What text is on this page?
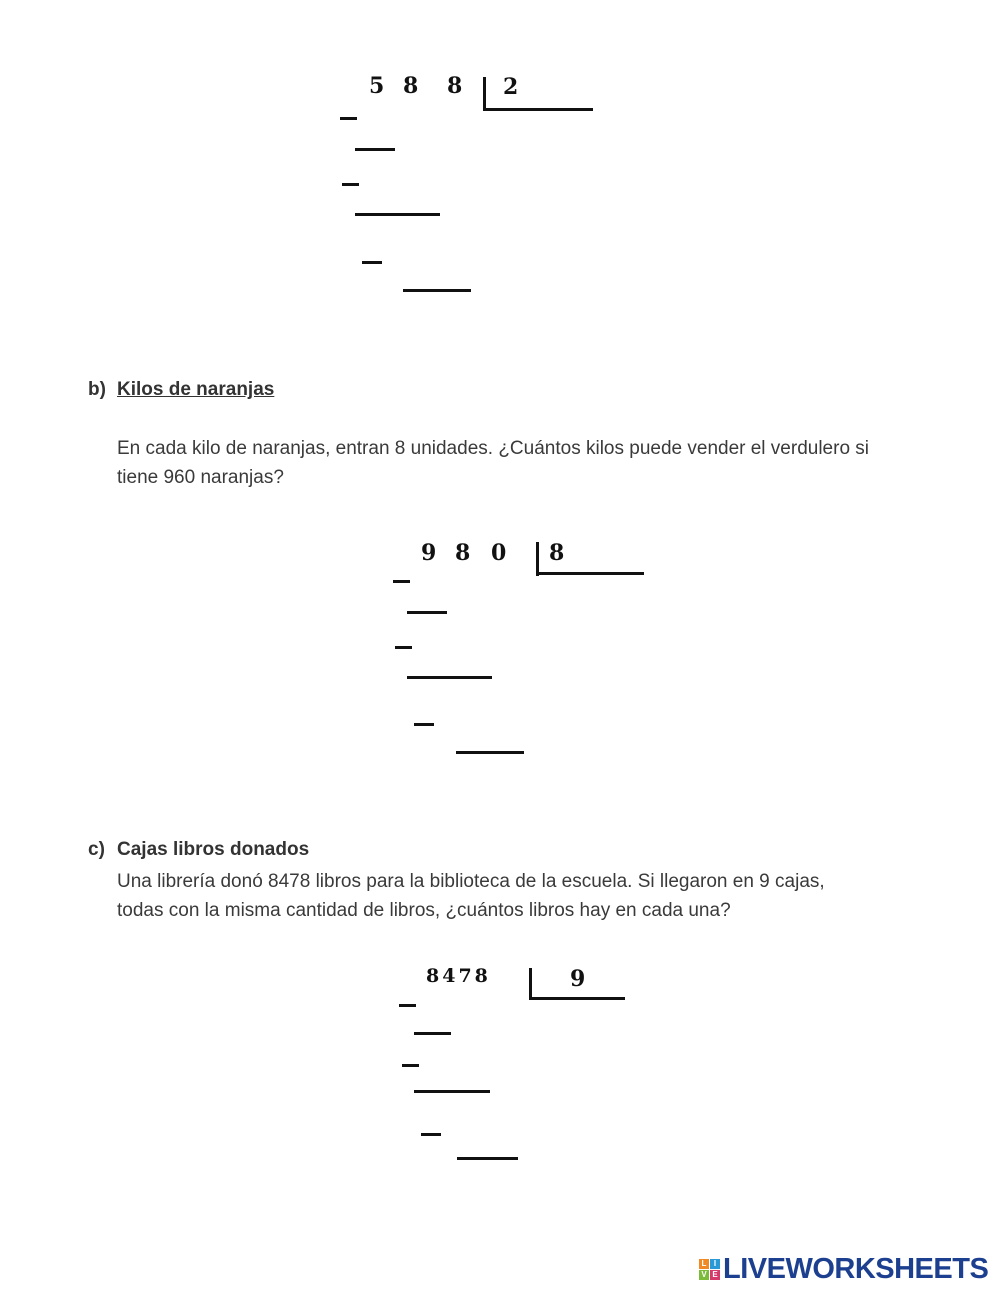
5 8 8 2
b) Kilos de naranjas
En cada kilo de naranjas, entran 8 unidades. ¿Cuántos kilos puede vender el verdulero si
tiene 960 naranjas?
9 8 0 8
c) Cajas libros donados
Una librería donó 8478 libros para la biblioteca de la escuela. Si llegaron en 9 cajas,
todas con la misma cantidad de libros, ¿cuántos libros hay en cada una?
8478	9
L I
V E LIVEWORKSHEETS
